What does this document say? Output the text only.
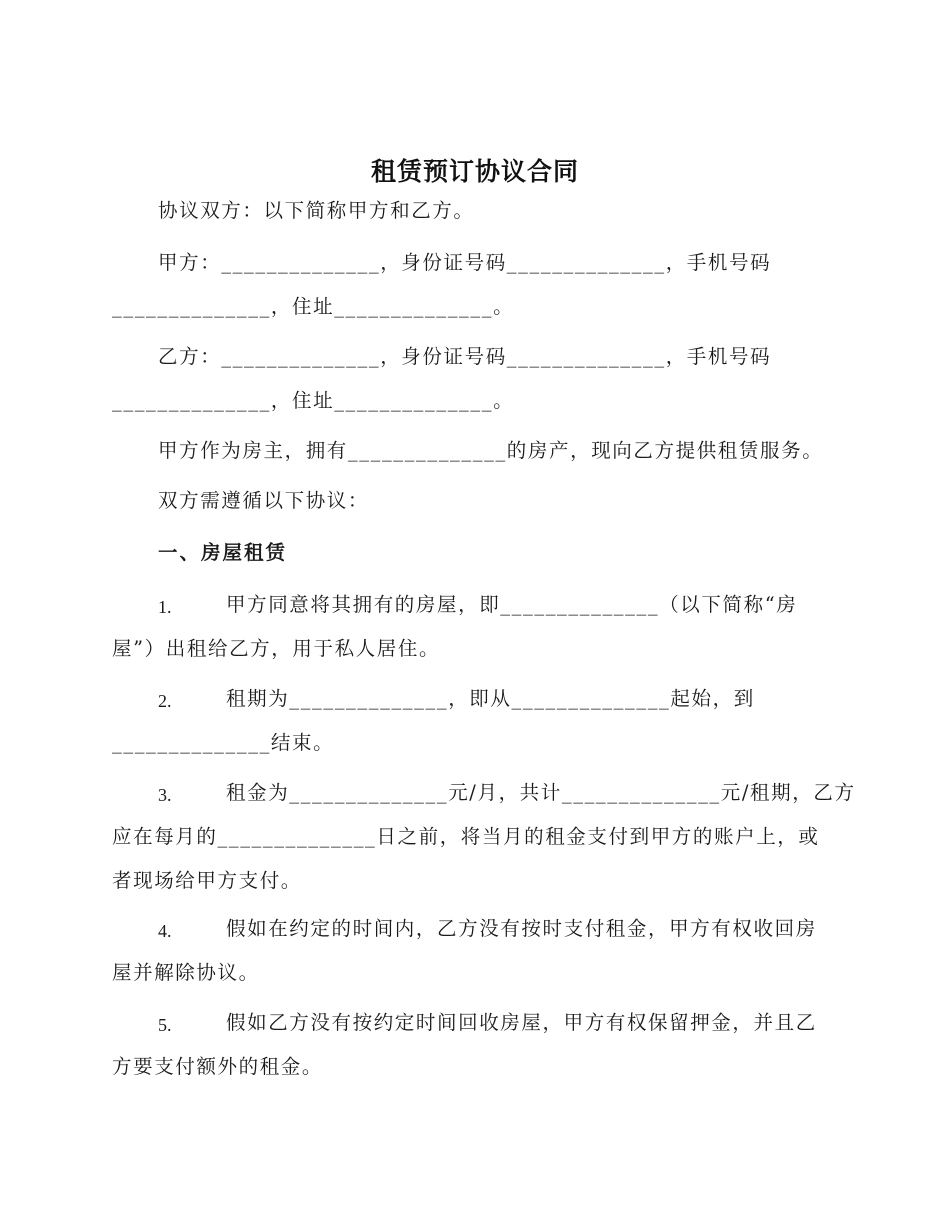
租赁预订协议合同
协议双方：以下简称甲方和乙方。
甲方：______________，身份证号码______________，手机号码
______________，住址______________。
乙方：______________，身份证号码______________，手机号码
______________，住址______________。
甲方作为房主，拥有______________的房产，现向乙方提供租赁服务。
双方需遵循以下协议：
一、房屋租赁
1.	甲方同意将其拥有的房屋，即______________（以下简称“房
屋”）出租给乙方，用于私人居住。
2.	租期为______________，即从______________起始，到
______________结束。
3.	租金为______________元/月，共计______________元/租期，乙方
应在每月的______________日之前，将当月的租金支付到甲方的账户上，或
者现场给甲方支付。
4.	假如在约定的时间内，乙方没有按时支付租金，甲方有权收回房
屋并解除协议。
5.	假如乙方没有按约定时间回收房屋，甲方有权保留押金，并且乙
方要支付额外的租金。
